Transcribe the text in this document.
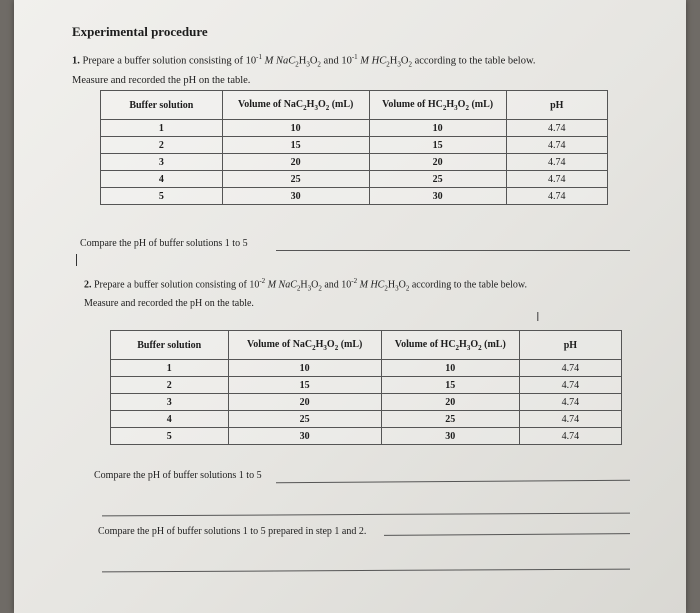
Experimental procedure
1. Prepare a buffer solution consisting of $10^{-1}$ M $NaC_2H_3O_2$ and $10^{-1}$ M $HC_2H_3O_2$ according to the table below.
Measure and recorded the pH on the table.
Buffer solution	Volume of $NaC_2H_3O_2$ (mL)	Volume of $HC_2H_3O_2$ (mL)	pH
1	10	10	4.74
2	15	15	4.74
3	20	20	4.74
4	25	25	4.74
5	30	30	4.74
Compare the pH of buffer solutions 1 to 5
2. Prepare a buffer solution consisting of $10^{-2}$ M $NaC_2H_3O_2$ and $10^{-2}$ M $HC_2H_3O_2$ according to the table below.
Measure and recorded the pH on the table.
I
Buffer solution	Volume of $NaC_2H_3O_2$ (mL)	Volume of $HC_2H_3O_2$ (mL)	pH
1	10	10	4.74
2	15	15	4.74
3	20	20	4.74
4	25	25	4.74
5	30	30	4.74
Compare the pH of buffer solutions 1 to 5
Compare the pH of buffer solutions 1 to 5 prepared in step 1 and 2.
